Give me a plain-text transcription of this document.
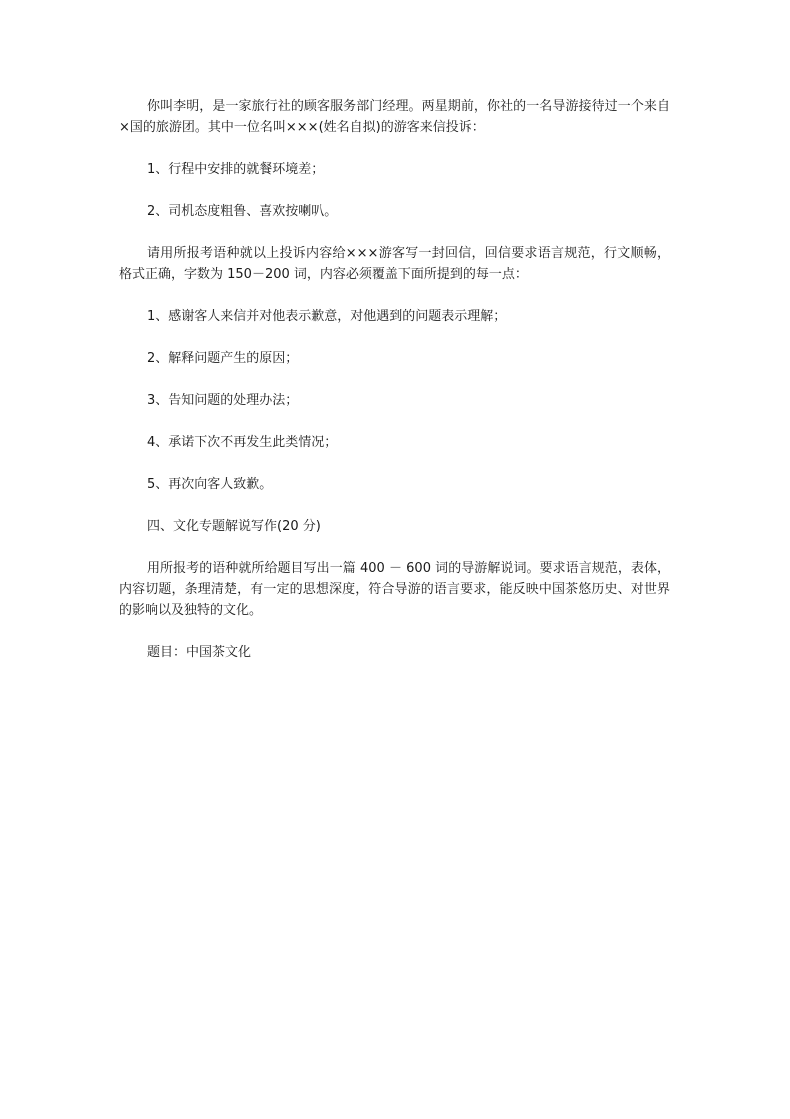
你叫李明，是一家旅行社的顾客服务部门经理。两星期前，你社的一名导游接待过一个来自×国的旅游团。其中一位名叫×××(姓名自拟)的游客来信投诉：

1、行程中安排的就餐环境差；

2、司机态度粗鲁、喜欢按喇叭。

请用所报考语种就以上投诉内容给×××游客写一封回信，回信要求语言规范，行文顺畅，格式正确，字数为 150－200 词，内容必须覆盖下面所提到的每一点：

1、感谢客人来信并对他表示歉意，对他遇到的问题表示理解；

2、解释问题产生的原因；

3、告知问题的处理办法；

4、承诺下次不再发生此类情况；

5、再次向客人致歉。

四、文化专题解说写作(20 分)

用所报考的语种就所给题目写出一篇 400 － 600 词的导游解说词。要求语言规范，表体，内容切题，条理清楚，有一定的思想深度，符合导游的语言要求，能反映中国茶悠历史、对世界的影响以及独特的文化。

题目：中国茶文化
